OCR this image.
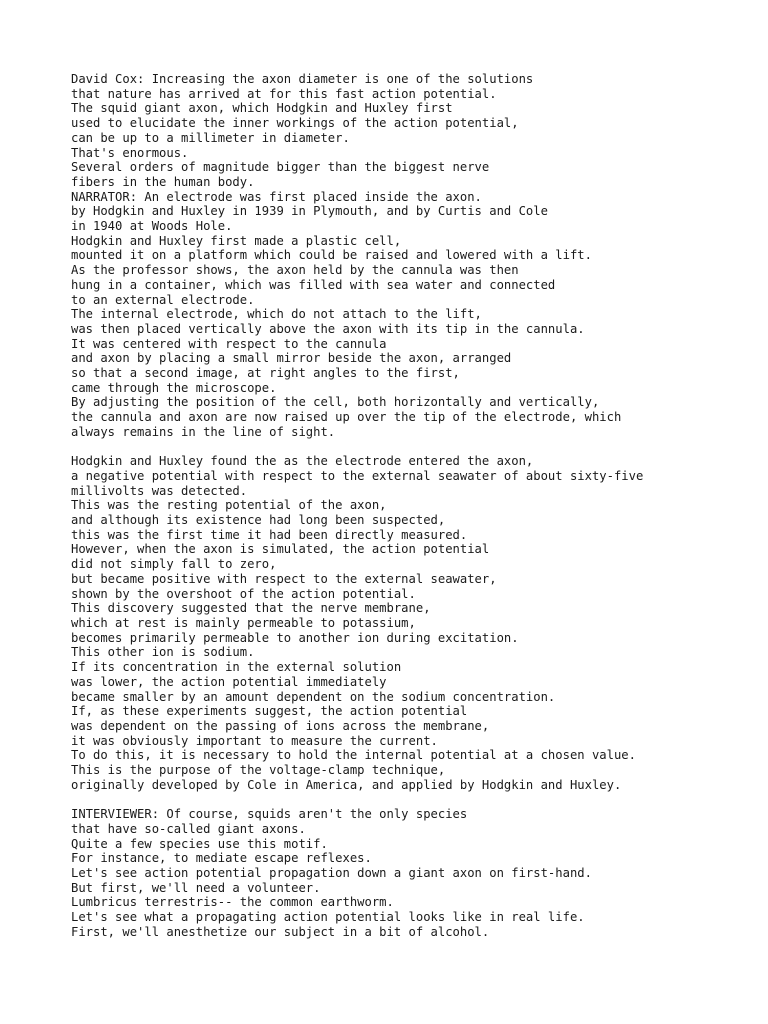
David Cox: Increasing the axon diameter is one of the solutions
that nature has arrived at for this fast action potential.
The squid giant axon, which Hodgkin and Huxley first
used to elucidate the inner workings of the action potential,
can be up to a millimeter in diameter.
That's enormous.
Several orders of magnitude bigger than the biggest nerve
fibers in the human body.
NARRATOR: An electrode was first placed inside the axon.
by Hodgkin and Huxley in 1939 in Plymouth, and by Curtis and Cole
in 1940 at Woods Hole.
Hodgkin and Huxley first made a plastic cell,
mounted it on a platform which could be raised and lowered with a lift.
As the professor shows, the axon held by the cannula was then
hung in a container, which was filled with sea water and connected
to an external electrode.
The internal electrode, which do not attach to the lift,
was then placed vertically above the axon with its tip in the cannula.
It was centered with respect to the cannula
and axon by placing a small mirror beside the axon, arranged
so that a second image, at right angles to the first,
came through the microscope.
By adjusting the position of the cell, both horizontally and vertically,
the cannula and axon are now raised up over the tip of the electrode, which
always remains in the line of sight.
Hodgkin and Huxley found the as the electrode entered the axon,
a negative potential with respect to the external seawater of about sixty-five
millivolts was detected.
This was the resting potential of the axon,
and although its existence had long been suspected,
this was the first time it had been directly measured.
However, when the axon is simulated, the action potential
did not simply fall to zero,
but became positive with respect to the external seawater,
shown by the overshoot of the action potential.
This discovery suggested that the nerve membrane,
which at rest is mainly permeable to potassium,
becomes primarily permeable to another ion during excitation.
This other ion is sodium.
If its concentration in the external solution
was lower, the action potential immediately
became smaller by an amount dependent on the sodium concentration.
If, as these experiments suggest, the action potential
was dependent on the passing of ions across the membrane,
it was obviously important to measure the current.
To do this, it is necessary to hold the internal potential at a chosen value.
This is the purpose of the voltage-clamp technique,
originally developed by Cole in America, and applied by Hodgkin and Huxley.
INTERVIEWER: Of course, squids aren't the only species
that have so-called giant axons.
Quite a few species use this motif.
For instance, to mediate escape reflexes.
Let's see action potential propagation down a giant axon on first-hand.
But first, we'll need a volunteer.
Lumbricus terrestris-- the common earthworm.
Let's see what a propagating action potential looks like in real life.
First, we'll anesthetize our subject in a bit of alcohol.
